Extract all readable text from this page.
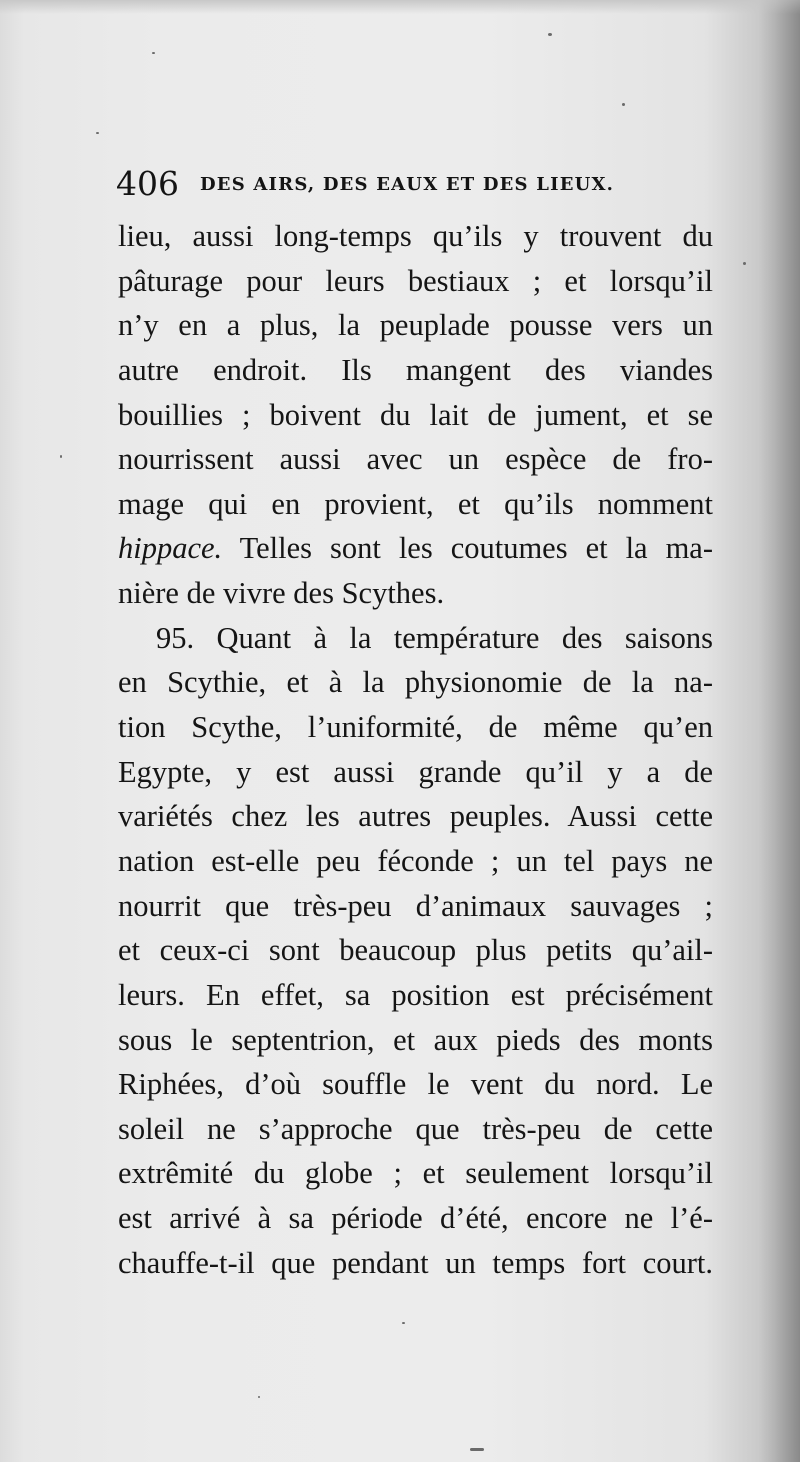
406 DES AIRS, DES EAUX ET DES LIEUX.
lieu, aussi long-temps qu’ils y trouvent du
pâturage pour leurs bestiaux ; et lorsqu’il
n’y en a plus, la peuplade pousse vers un
autre endroit. Ils mangent des viandes
bouillies ; boivent du lait de jument, et se
nourrissent aussi avec un espèce de fro-
mage qui en provient, et qu’ils nomment
hippace. Telles sont les coutumes et la ma-
nière de vivre des Scythes.
95. Quant à la température des saisons
en Scythie, et à la physionomie de la na-
tion Scythe, l’uniformité, de même qu’en
Egypte, y est aussi grande qu’il y a de
variétés chez les autres peuples. Aussi cette
nation est-elle peu féconde ; un tel pays ne
nourrit que très-peu d’animaux sauvages ;
et ceux-ci sont beaucoup plus petits qu’ail-
leurs. En effet, sa position est précisément
sous le septentrion, et aux pieds des monts
Riphées, d’où souffle le vent du nord. Le
soleil ne s’approche que très-peu de cette
extrêmité du globe ; et seulement lorsqu’il
est arrivé à sa période d’été, encore ne l’é-
chauffe-t-il que pendant un temps fort court.
